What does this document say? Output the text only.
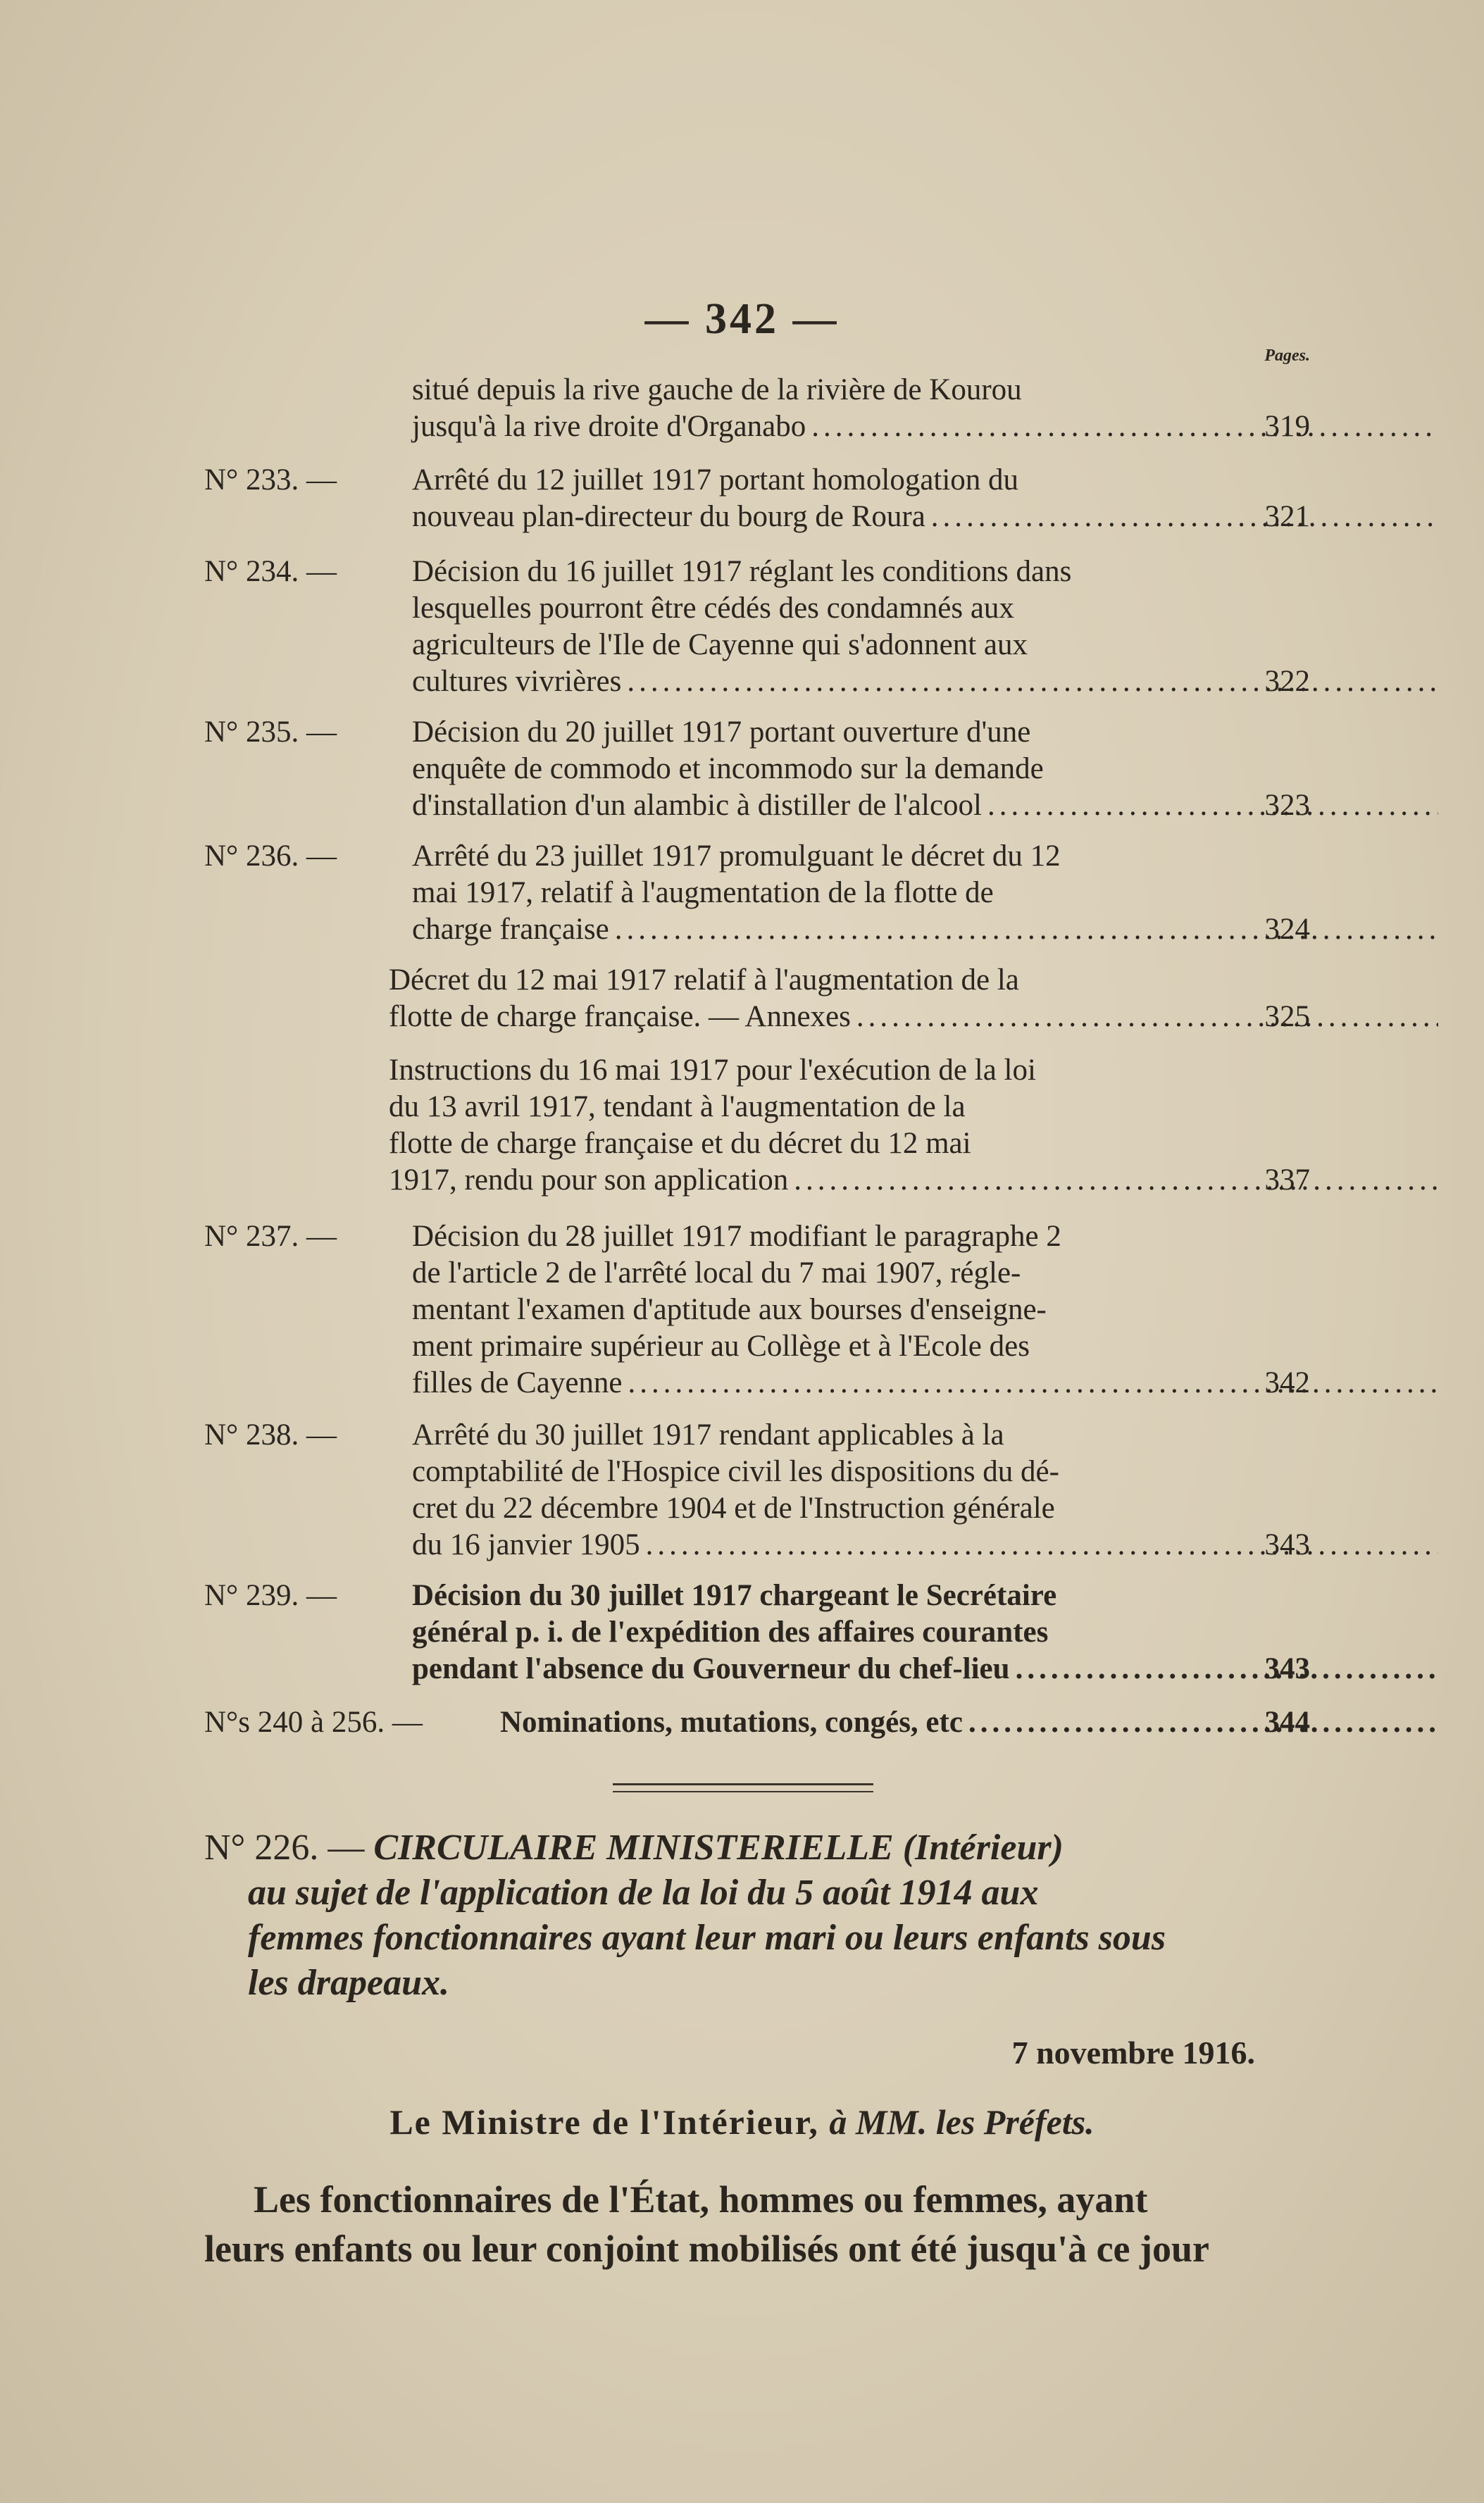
— 342 —
Pages.
situé depuis la rive gauche de la rivière de Kourou
jusqu'à la rive droite d'Organabo .....	319
N° 233. — Arrêté du 12 juillet 1917 portant homologation du
nouveau plan-directeur du bourg de Roura .....	321
N° 234. — Décision du 16 juillet 1917 réglant les conditions dans
lesquelles pourront être cédés des condamnés aux
agriculteurs de l'Ile de Cayenne qui s'adonnent aux
cultures vivrières .....	322
N° 235. — Décision du 20 juillet 1917 portant ouverture d'une
enquête de commodo et incommodo sur la demande
d'installation d'un alambic à distiller de l'alcool .....	323
N° 236. — Arrêté du 23 juillet 1917 promulguant le décret du 12
mai 1917, relatif à l'augmentation de la flotte de
charge française .....	324
Décret du 12 mai 1917 relatif à l'augmentation de la
flotte de charge française. — Annexes .....	325
Instructions du 16 mai 1917 pour l'exécution de la loi
du 13 avril 1917, tendant à l'augmentation de la
flotte de charge française et du décret du 12 mai
1917, rendu pour son application .....	337
N° 237. — Décision du 28 juillet 1917 modifiant le paragraphe 2
de l'article 2 de l'arrêté local du 7 mai 1907, régle-
mentant l'examen d'aptitude aux bourses d'enseigne-
ment primaire supérieur au Collège et à l'Ecole des
filles de Cayenne .....	342
N° 238. — Arrêté du 30 juillet 1917 rendant applicables à la
comptabilité de l'Hospice civil les dispositions du dé-
cret du 22 décembre 1904 et de l'Instruction générale
du 16 janvier 1905 .....	343
N° 239. — Décision du 30 juillet 1917 chargeant le Secrétaire
général p. i. de l'expédition des affaires courantes
pendant l'absence du Gouverneur du chef-lieu .....	343
N°s 240 à 256. —	Nominations, mutations, congés, etc .....	344
N° 226. — CIRCULAIRE MINISTERIELLE (Intérieur)
au sujet de l'application de la loi du 5 août 1914 aux
femmes fonctionnaires ayant leur mari ou leurs enfants sous
les drapeaux.
7 novembre 1916.
Le Ministre de l'Intérieur, à MM. les Préfets.
Les fonctionnaires de l'État, hommes ou femmes, ayant
leurs enfants ou leur conjoint mobilisés ont été jusqu'à ce jour
